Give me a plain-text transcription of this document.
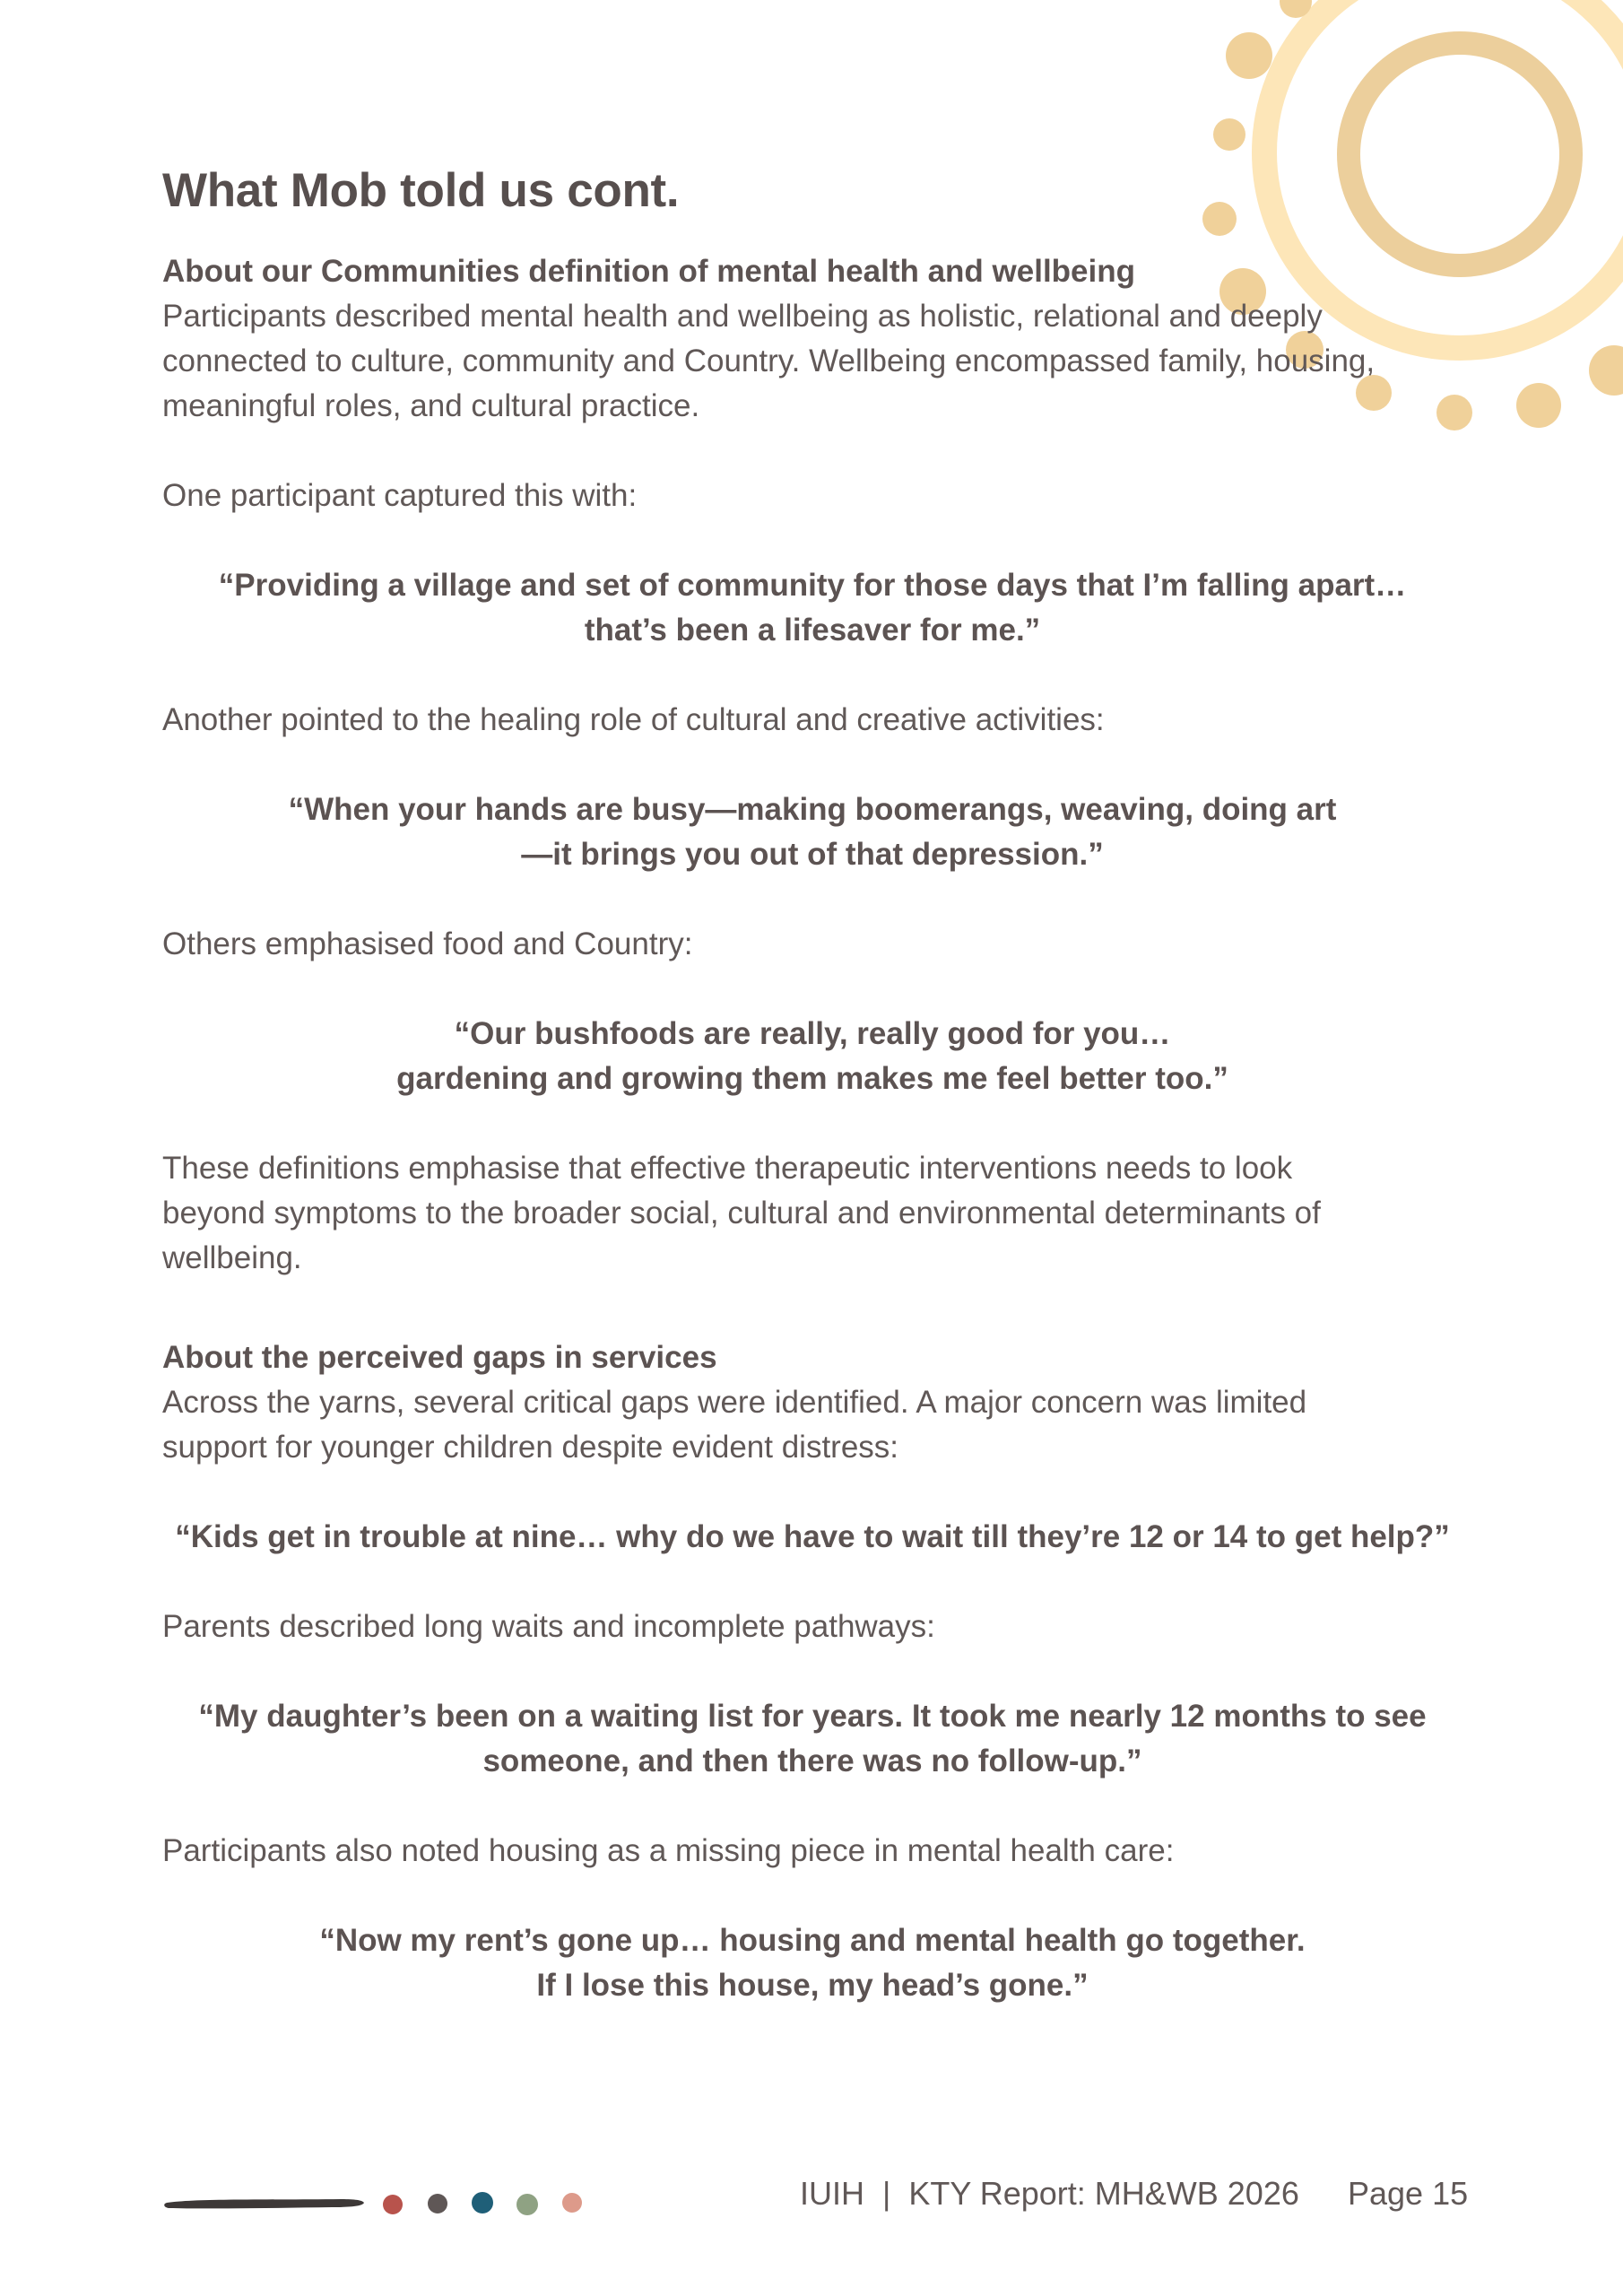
What Mob told us cont.

About our Communities definition of mental health and wellbeing

Participants described mental health and wellbeing as holistic, relational and deeply
connected to culture, community and Country. Wellbeing encompassed family, housing,
meaningful roles, and cultural practice.

One participant captured this with:

“Providing a village and set of community for those days that I’m falling apart…
that’s been a lifesaver for me.”

Another pointed to the healing role of cultural and creative activities:

“When your hands are busy—making boomerangs, weaving, doing art
—it brings you out of that depression.”

Others emphasised food and Country:

“Our bushfoods are really, really good for you…
gardening and growing them makes me feel better too.”

These definitions emphasise that effective therapeutic interventions needs to look
beyond symptoms to the broader social, cultural and environmental determinants of
wellbeing.

About the perceived gaps in services

Across the yarns, several critical gaps were identified. A major concern was limited
support for younger children despite evident distress:

“Kids get in trouble at nine… why do we have to wait till they’re 12 or 14 to get help?”

Parents described long waits and incomplete pathways:

“My daughter’s been on a waiting list for years. It took me nearly 12 months to see
someone, and then there was no follow-up.”

Participants also noted housing as a missing piece in mental health care:

“Now my rent’s gone up… housing and mental health go together.
If I lose this house, my head’s gone.”

IUIH  |  KTY Report: MH&WB 2026 Page 15
